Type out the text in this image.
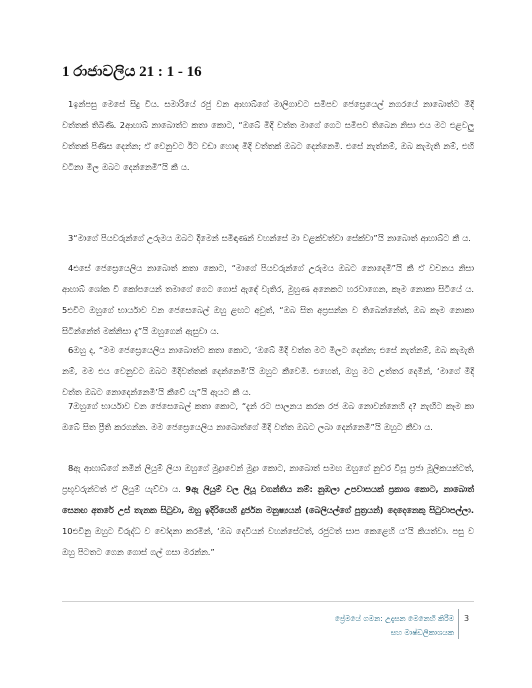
1 රාජාවලිය 21 : 1 - 16

1ඉන්පසු මෙසේ සිදු විය. සමාරියේ රජු වන ආහාබ්ගේ මාලිගාවට සමීපව ජෙස්‍රෙයෙල් නගරයේ නාබොත්ට මිදි වත්තක් තිබිණි. 2ආහාබ් නාබොත්ට කතා කොට, “ඔබේ මිදි වත්ත මාගේ ගෙට සමීපව තිබෙන නිසා එය මට එළවලු වත්තක් පිණිස දෙන්න; ඒ වෙනුවට ඊට වඩා හොඳ මිදි වත්තක් ඔබට දෙන්නෙමි. එසේ නැත්නම්, ඔබ කැමැති නම්, එහි වටිනා මිල ඔබට දෙන්නෙමි”යි කී ය.

3“මාගේ පියවරුන්ගේ උරුමය ඔබට දීමෙන් සමිඳාණන් වහන්සේ මා වළක්වත්වා සේක්වා”යි නාබොත් ආහාබ්ට කී ය.

4එසේ ජෙස්‍රෙයෙලිය නාබොත් කතා කොට, “මාගේ පියවරුන්ගේ උරුමය ඔබට නොදෙමි”යි කී ඒ වචනය නිසා ආහාබ් ශෝක වී කෝපයෙන් තමාගේ ගෙට ගොස් ඇඳේ වැතිර, මුහුණ අනෙකට හරවාගෙන, කෑම නොකා සිටියේ ය. 5එවිට ඔහුගේ භාර්යාව වන ජෙසෙබෙල් ඔහු ළඟට අවුත්, “ඔබ සිත අප්‍රසන්න ව තිබෙන්නේත්, ඔබ කෑම නොකා සිටින්නේත් මක්නිසා දැ”යි ඔහුගෙන් ඇසුවා ය.

6ඔහු ද, “මම ජෙස්‍රෙයෙලිය නාබොත්ට කතා කොට, ‘ඔබේ මිදි වත්ත මට මිලට දෙන්න; එසේ නැත්නම්, ඔබ කැමැති නම්, මම එය වෙනුවට ඔබට මිදිවත්තක් දෙන්නෙමි’යි ඔහුට කීවෙමි. එහෙත්, ඔහු මට උත්තර දෙමින්, ‘මාගේ මිදි වත්ත ඔබට නොදෙන්නෙමි’යි කීවේ යැ”යි ඇයට කී ය.

7ඔහුගේ භාර්යාව වන ජෙසෙබෙල් කතා කොට, “දැන් රට පාලනය කරන රජ ඔබ නොවන්නෙහි ද? නැඟිට කෑම කා ඔබේ සිත ප්‍රීති කරගන්න. මම ජෙස්‍රෙයෙලිය නාබොත්ගේ මිදි වත්ත ඔබට ලබා දෙන්නෙමි”යි ඔහුට කීවා ය.

8ඇ ආහාබ්ගේ නමින් ලියුම් ලියා ඔහුගේ මුද්‍රාවෙන් මුද්‍රා කොට, නාබොත් සමඟ ඔහුගේ නුවර විසූ ප්‍රජා මූලිකයන්ටත්, ප්‍රභූවරුන්ටත් ඒ ලියුම් යැව්වා ය. 9ඇ ලියුම් වල ලියූ වගන්තිය නම්: නුඹලා උපවාසයක් ප්‍රකාශ කොට, නාබොත් සෙනඟ අතරේ උස් තැනක සිටුවා, ඔහු ඉදිරියෙහි දුර්ජන මනුෂ්‍යයන් (බෙලියල්ගේ පුත්‍රයන්) දෙදෙනෙකු සිටුවාපල්ලා. 10එවිනු ඔහුට විරුද්ධ ව චෝදනා කරමින්, ‘ඔබ දෙවියන් වහන්සේටත්, රජුටත් සාප කෙළෙහි ය’යි කියත්වා. පසු ව ඔහු පිටතට ගෙන ගොස් ගල් ගසා මරන්න.”

ප්‍රේමයේ ගමන: උදැසන මෙනෙහි කිරීම
සහ මාෂ්ඩලිකාශයක
3
